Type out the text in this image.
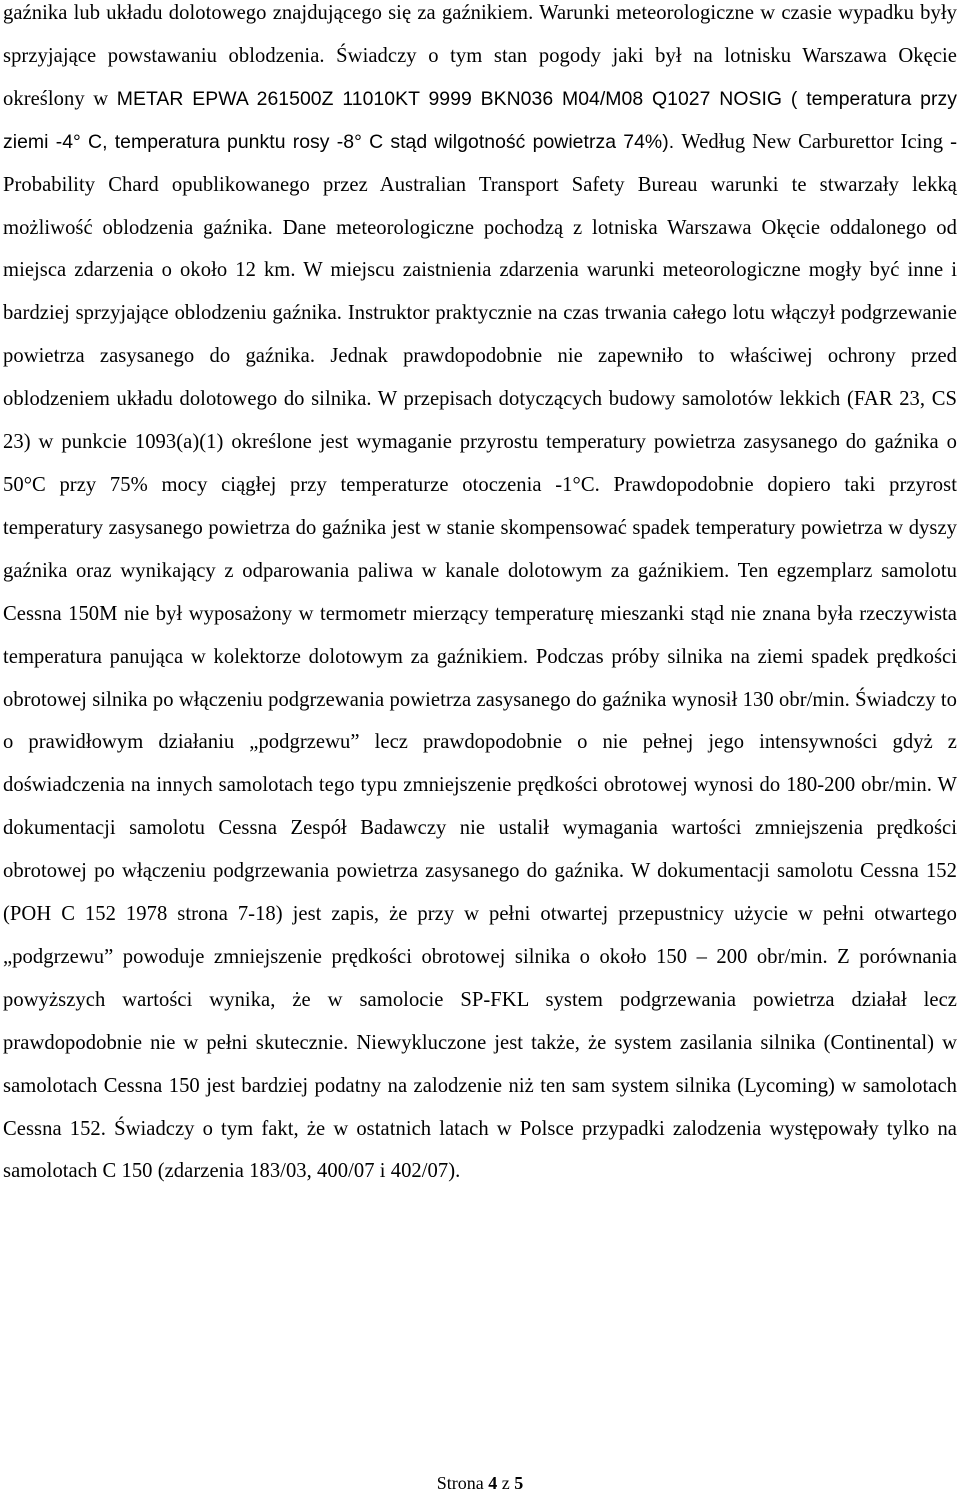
gaźnika lub układu dolotowego znajdującego się za gaźnikiem. Warunki meteorologiczne w czasie wypadku były sprzyjające powstawaniu oblodzenia. Świadczy o tym stan pogody jaki był na lotnisku Warszawa Okęcie określony w METAR EPWA 261500Z 11010KT 9999 BKN036 M04/M08 Q1027 NOSIG ( temperatura przy ziemi -4° C, temperatura punktu rosy -8° C stąd wilgotność powietrza 74%). Według New Carburettor Icing - Probability Chard opublikowanego przez Australian Transport Safety Bureau warunki te stwarzały lekką możliwość oblodzenia gaźnika. Dane meteorologiczne pochodzą z lotniska Warszawa Okęcie oddalonego od miejsca zdarzenia o około 12 km. W miejscu zaistnienia zdarzenia warunki meteorologiczne mogły być inne i bardziej sprzyjające oblodzeniu gaźnika. Instruktor praktycznie na czas trwania całego lotu włączył podgrzewanie powietrza zasysanego do gaźnika. Jednak prawdopodobnie nie zapewniło to właściwej ochrony przed oblodzeniem układu dolotowego do silnika. W przepisach dotyczących budowy samolotów lekkich (FAR 23, CS 23) w punkcie 1093(a)(1) określone jest wymaganie przyrostu temperatury powietrza zasysanego do gaźnika o 50°C przy 75% mocy ciągłej przy temperaturze otoczenia -1°C. Prawdopodobnie dopiero taki przyrost temperatury zasysanego powietrza do gaźnika jest w stanie skompensować spadek temperatury powietrza w dyszy gaźnika oraz wynikający z odparowania paliwa w kanale dolotowym za gaźnikiem. Ten egzemplarz samolotu Cessna 150M nie był wyposażony w termometr mierzący temperaturę mieszanki stąd nie znana była rzeczywista temperatura panująca w kolektorze dolotowym za gaźnikiem. Podczas próby silnika na ziemi spadek prędkości obrotowej silnika po włączeniu podgrzewania powietrza zasysanego do gaźnika wynosił 130 obr/min. Świadczy to o prawidłowym działaniu „podgrzewu” lecz prawdopodobnie o nie pełnej jego intensywności gdyż z doświadczenia na innych samolotach tego typu zmniejszenie prędkości obrotowej wynosi do 180-200 obr/min. W dokumentacji samolotu Cessna Zespół Badawczy nie ustalił wymagania wartości zmniejszenia prędkości obrotowej po włączeniu podgrzewania powietrza zasysanego do gaźnika. W dokumentacji samolotu Cessna 152 (POH C 152 1978 strona 7-18) jest zapis, że przy w pełni otwartej przepustnicy użycie w pełni otwartego „podgrzewu” powoduje zmniejszenie prędkości obrotowej silnika o około 150 – 200 obr/min. Z porównania powyższych wartości wynika, że w samolocie SP-FKL system podgrzewania powietrza działał lecz prawdopodobnie nie w pełni skutecznie. Niewykluczone jest także, że system zasilania silnika (Continental) w samolotach Cessna 150 jest bardziej podatny na zalodzenie niż ten sam system silnika (Lycoming) w samolotach Cessna 152. Świadczy o tym fakt, że w ostatnich latach w Polsce przypadki zalodzenia występowały tylko na samolotach C 150 (zdarzenia 183/03, 400/07 i 402/07).

Strona 4 z 5
